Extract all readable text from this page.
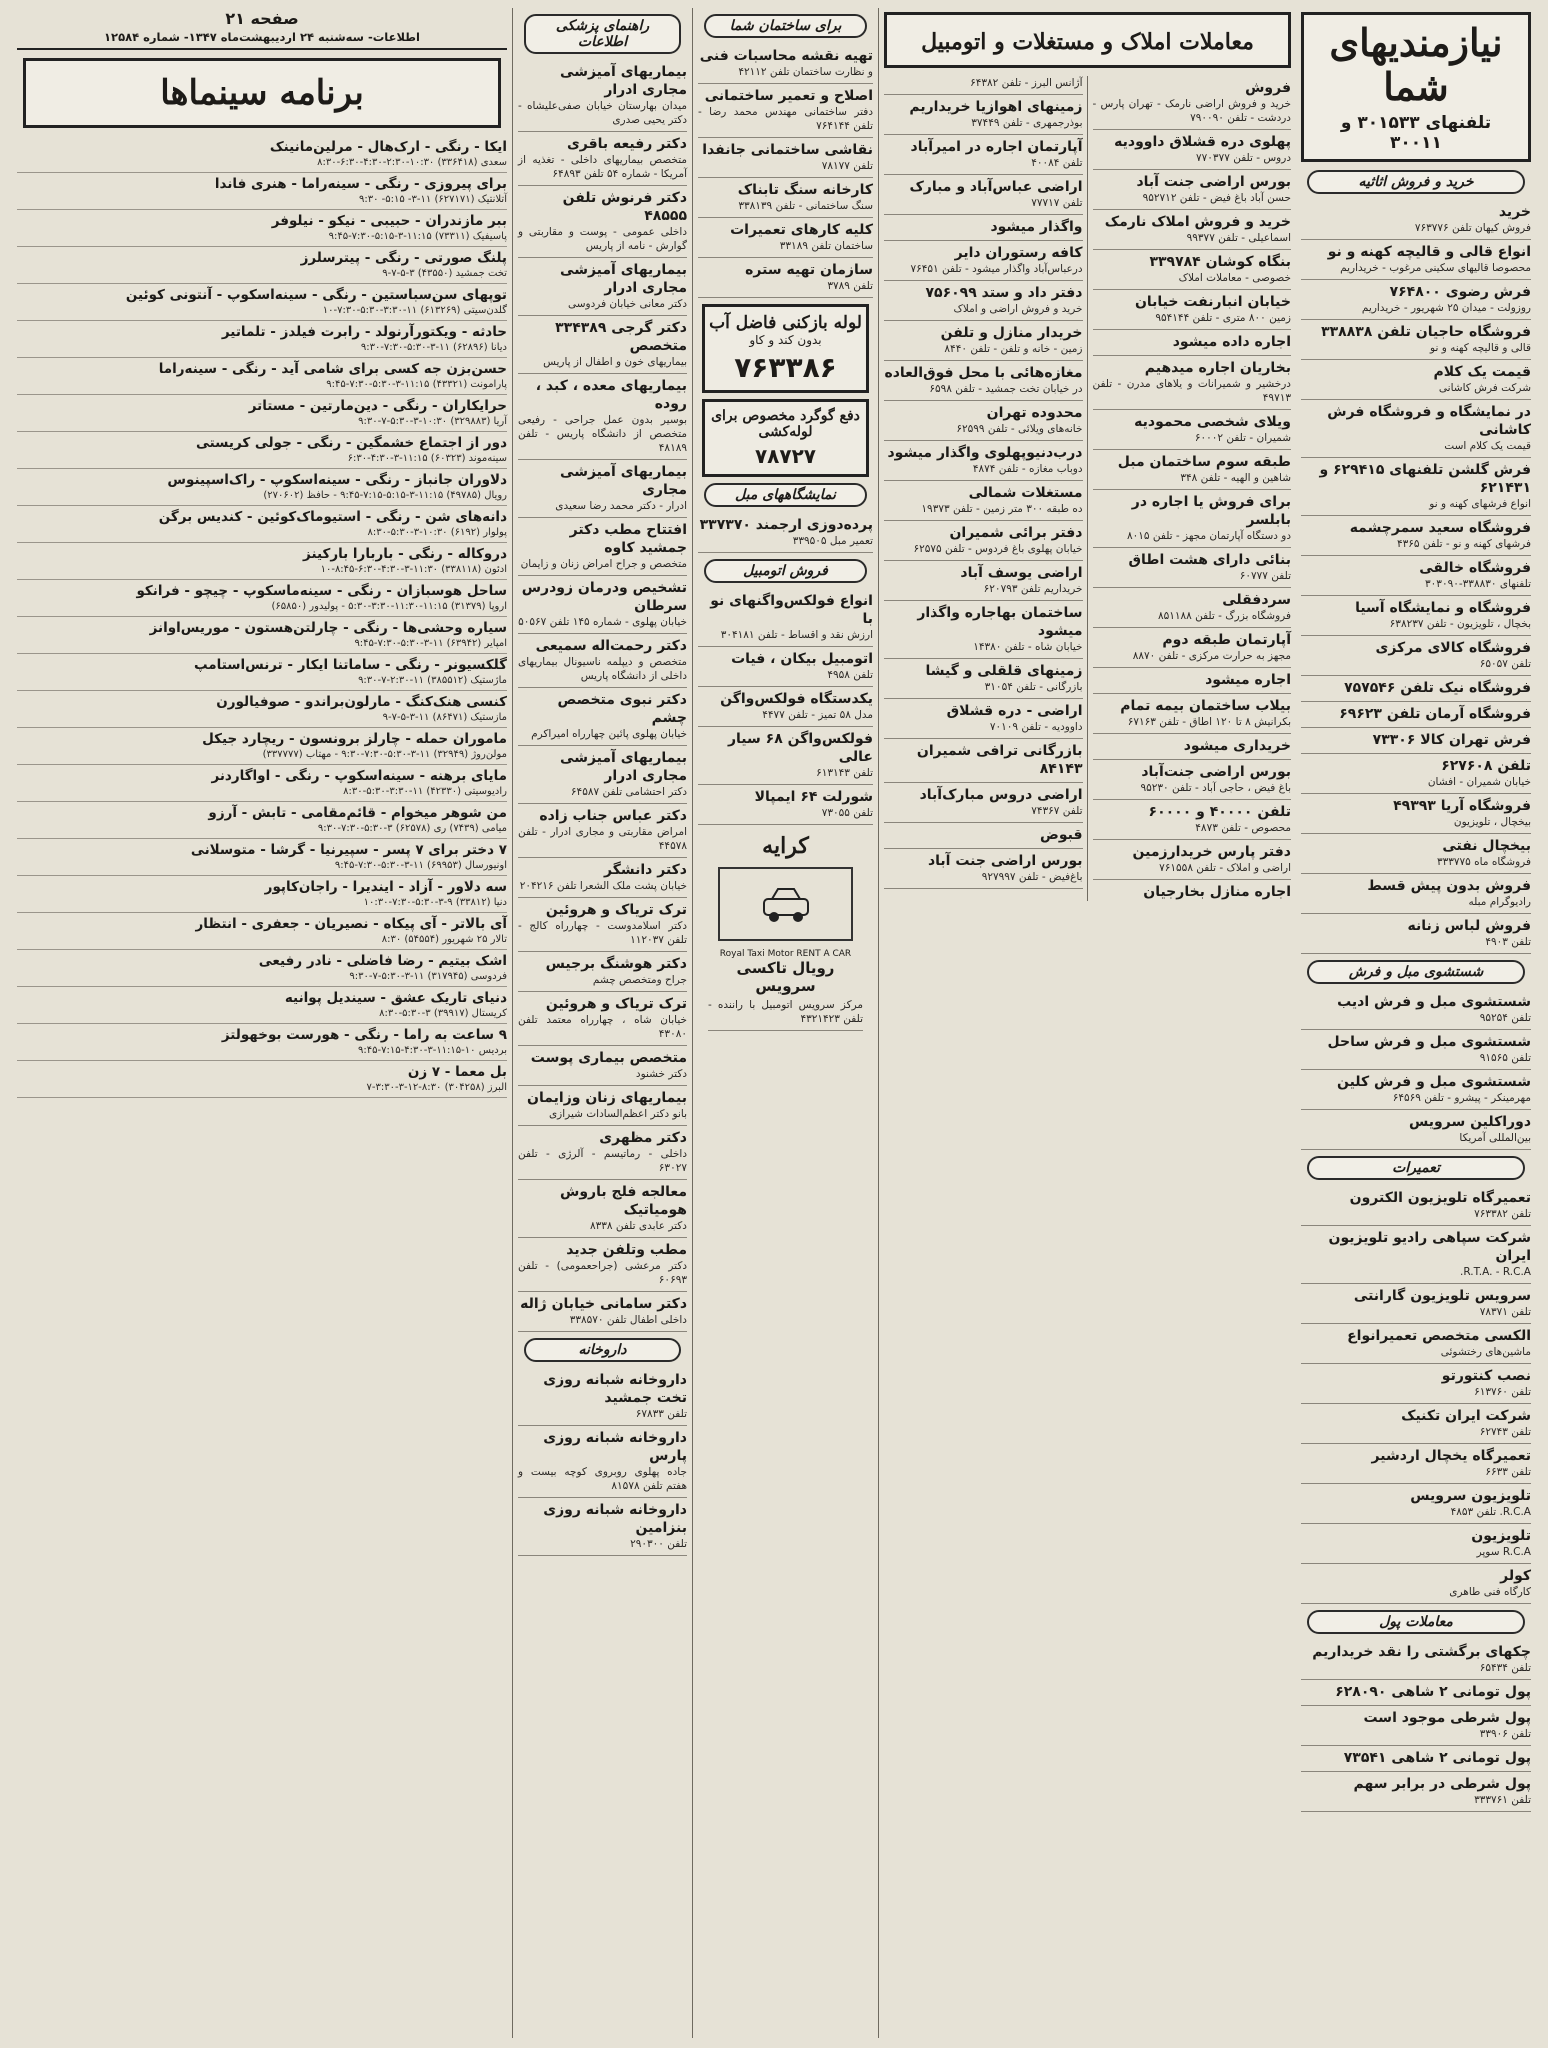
نیازمندیهای شما
تلفنهای ۳۰۱۵۳۳ و ۳۰۰۱۱
خرید و فروش اثاثیه
خرید
فروش کیهان تلفن ۷۶۳۷۷۶
انواع قالی و قالیچه کهنه و نو
محصوصا قالیهای سکینی مرغوب - خریداریم
فرش رضوی ۷۶۴۸۰۰
روزولت - میدان ۲۵ شهریور - خریداریم
فروشگاه حاجیان تلفن ۳۳۸۸۳۸
قالی و قالیچه کهنه و نو
قیمت یک کلام
شرکت فرش کاشانی
در نمایشگاه و فروشگاه فرش کاشانی
قیمت یک کلام است
فرش گلشن تلفنهای ۶۲۹۴۱۵ و ۶۲۱۴۳۱
انواع فرشهای کهنه و نو
فروشگاه سعید سمرچشمه
فرشهای کهنه و نو - تلفن ۴۳۶۵
فروشگاه خالقی
تلفنهای ۳۳۸۸۳۰-۳۰۳۰۹۰
فروشگاه و نمایشگاه آسیا
بخچال ، تلویزیون - تلفن ۶۳۸۲۳۷
فروشگاه کالای مرکزی
تلفن ۶۵۰۵۷
فروشگاه نیک تلفن ۷۵۷۵۴۶
فروشگاه آرمان تلفن ۶۹۶۲۳
فرش تهران کالا ۷۳۳۰۶
تلفن ۶۲۷۶۰۸
خیابان شمیران - افشان
فروشگاه آریا ۴۹۳۹۳
بیخچال ، تلویزیون
بیخچال نفتی
فروشگاه ماه ۳۳۳۷۷۵
فروش بدون پیش قسط
رادیوگرام مبله
فروش لباس زنانه
تلفن ۴۹۰۳
شستشوی مبل و فرش
شستشوی مبل و فرش ادیب
تلفن ۹۵۲۵۴
شستشوی مبل و فرش ساحل
تلفن ۹۱۵۶۵
شستشوی مبل و فرش کلین
مهرمینکر - پیشرو - تلفن ۶۴۵۶۹
دوراکلین سرویس
بین‌المللی آمریکا
تعمیرات
تعمیرگاه تلویزیون الکترون
تلفن ۷۶۳۳۸۲
شرکت سپاهی رادیو تلویزیون ایران
R.T.A. - R.C.A.
سرویس تلویزیون گارانتی
تلفن ۷۸۳۷۱
الکسی متخصص تعمیرانواع
ماشین‌های رختشوئی
نصب کنتورتو
تلفن ۶۱۳۷۶۰
شرکت ایران تکنیک
تلفن ۶۲۷۴۳
تعمیرگاه یخچال اردشیر
تلفن ۶۶۳۳
تلویزیون سرویس
R.C.A. تلفن ۴۸۵۳
تلویزیون
R.C.A سوپر
کولر
کارگاه فنی طاهری
معاملات پول
چکهای برگشتی را نقد خریداریم
تلفن ۶۵۴۳۴
پول تومانی ۲ شاهی ۶۲۸۰۹۰
پول شرطی موجود است
تلفن ۳۳۹۰۶
پول تومانی ۲ شاهی ۷۳۵۴۱
پول شرطی در برابر سهم
تلفن ۳۳۳۷۶۱
معاملات املاک و مستغلات و اتومبیل
فروش
خرید و فروش اراضی نارمک - تهران پارس - دردشت - تلفن ۷۹۰۰۹۰
پهلوی دره قشلاق داوودیه
دروس - تلفن ۷۷۰۳۷۷
بورس اراضی جنت آباد
حسن آباد باغ فیض - تلفن ۹۵۲۷۱۲
خرید و فروش املاک نارمک
اسماعیلی - تلفن ۹۹۳۷۷
بنگاه کوشان ۳۳۹۷۸۴
خصوصی - معاملات املاک
خیابان انبارنفت خیابان
زمین ۸۰۰ متری - تلفن ۹۵۴۱۴۴
اجاره داده میشود
بخاریان اجاره میدهیم
درخشیر و شمیرانات و یلاهای مدرن - تلفن ۴۹۷۱۳
ویلای شخصی محمودیه
شمیران - تلفن ۶۰۰۰۲
طبقه سوم ساختمان مبل
شاهین و الهیه - تلفن ۳۴۸
برای فروش یا اجاره در بابلسر
دو دستگاه آپارتمان مجهز - تلفن ۸۰۱۵
بنائی دارای هشت اطاق
تلفن ۶۰۷۷۷
سردفقلی
فروشگاه بزرگ - تلفن ۸۵۱۱۸۸
آپارتمان طبقه دوم
مجهز به حرارت مرکزی - تلفن ۸۸۷۰
اجاره میشود
بیلاب ساختمان بیمه تمام
بکرانیش ۸ تا ۱۲۰ اطاق - تلفن ۶۷۱۶۳
خریداری میشود
بورس اراضی جنت‌آباد
باغ فیض ، حاجی آباد - تلفن ۹۵۲۳۰
تلفن ۴۰۰۰۰ و ۶۰۰۰۰
محصوص - تلفن ۴۸۷۳
دفتر پارس خریدارزمین
اراضی و املاک - تلفن ۷۶۱۵۵۸
اجاره منازل بخارجیان
آژانس البرز - تلفن ۶۴۳۸۲
زمینهای اهوازیا خریداریم
بوذرجمهری - تلفن ۳۷۴۴۹
آپارتمان اجاره در امیرآباد
تلفن ۴۰۰۸۴
اراضی عباس‌آباد و مبارک
تلفن ۷۷۷۱۷
واگذار میشود
کافه رستوران دایر
درعباس‌آباد واگذار میشود - تلفن ۷۶۴۵۱
دفتر داد و ستد ۷۵۶۰۹۹
خرید و فروش اراضی و املاک
خریدار منازل و تلفن
زمین - خانه و تلفن - تلفن ۸۴۴۰
مغازه‌هائی با محل فوق‌العاده
در خیابان تخت جمشید - تلفن ۶۵۹۸
محدوده تهران
خانه‌های ویلائی - تلفن ۶۲۵۹۹
درب‌دنیوپهلوی واگذار میشود
دوباب مغازه - تلفن ۴۸۷۴
مستغلات شمالی
ده طبقه ۳۰۰ متر زمین - تلفن ۱۹۳۷۳
دفتر برائی شمیران
خیابان پهلوی باغ فردوس - تلفن ۶۲۵۷۵
اراضی یوسف آباد
خریداریم تلفن ۶۲۰۷۹۳
ساختمان بهاجاره واگذار میشود
خیابان شاه - تلفن ۱۴۳۸۰
زمینهای قلقلی و گیشا
بازرگانی - تلفن ۳۱۰۵۴
اراضی - دره قشلاق
داوودیه - تلفن ۷۰۱۰۹
بازرگانی ترافی شمیران ۸۴۱۴۳
اراضی دروس مبارک‌آباد
تلفن ۷۴۳۶۷
قبوض
بورس اراضی جنت آباد
باغ‌فیض - تلفن ۹۲۷۹۹۷
برای ساختمان شما
تهیه نقشه محاسبات فنی
و نظارت ساختمان تلفن ۴۲۱۱۲
اصلاح و تعمیر ساختمانی
دفتر ساختمانی مهندس محمد رضا - تلفن ۷۶۴۱۴۴
نقاشی ساختمانی جانفدا
تلفن ۷۸۱۷۷
کارخانه سنگ تابناک
سنگ ساختمانی - تلفن ۳۳۸۱۳۹
کلیه کارهای تعمیرات
ساختمان تلفن ۳۳۱۸۹
سازمان تهیه ستره
تلفن ۳۷۸۹
لوله بازکنی فاضل آب
بدون کند و کاو
۷۶۳۳۸۶
دفع گوگرد مخصوص برای لوله‌کشی
۷۸۷۲۷
نمایشگاههای مبل
پرده‌دوزی ارجمند ۳۳۷۳۷۰
تعمیر مبل ۳۳۹۵۰۵
فروش اتومبیل
انواع فولکس‌واگنهای نو با
ارزش نقد و اقساط - تلفن ۳۰۴۱۸۱
اتومبیل بیکان ، فیات
تلفن ۴۹۵۸
یکدستگاه فولکس‌واگن
مدل ۵۸ تمیز - تلفن ۴۴۷۷
فولکس‌واگن ۶۸ سیار عالی
تلفن ۶۱۳۱۴۳
شورلت ۶۴ ایمپالا
تلفن ۷۳۰۵۵
کرایه
Royal Taxi Motor RENT A CAR
رویال تاکسی سرویس
مرکز سرویس اتومبیل با راننده - تلفن ۴۳۲۱۴۲۳
راهنمای پزشکی اطلاعات
بیماریهای آمیزشی مجاری ادرار
میدان بهارستان خیابان صفی‌علیشاه - دکتر یحیی صدری
دکتر رفیعه باقری
متخصص بیماریهای داخلی - تغذیه از آمریکا - شماره ۵۴ تلفن ۶۴۸۹۳
دکتر فرنوش تلفن ۴۸۵۵۵
داخلی عمومی - پوست و مقاربتی و گوارش - نامه از پاریس
بیماریهای آمیزشی مجاری ادرار
دکتر معانی خیابان فردوسی
دکتر گرجی ۳۳۴۳۸۹ متخصص
بیماریهای خون و اطفال از پاریس
بیماریهای معده ، کبد ، روده
بوسیر بدون عمل جراحی - رفیعی متخصص از دانشگاه پاریس - تلفن ۴۸۱۸۹
بیماریهای آمیزشی مجاری
ادرار - دکتر محمد رضا سعیدی
افتتاح مطب دکتر جمشید کاوه
متخصص و جراح امراض زنان و زایمان
تشخیص ودرمان زودرس سرطان
خیابان پهلوی - شماره ۱۴۵ تلفن ۵۰۵۶۷
دکتر رحمت‌اله سمیعی
متخصص و دیپلمه ناسیونال بیماریهای داخلی از دانشگاه پاریس
دکتر نبوی متخصص چشم
خیابان پهلوی پائین چهارراه امیراکرم
بیماریهای آمیزشی مجاری ادرار
دکتر احتشامی تلفن ۶۴۵۸۷
دکتر عباس جناب زاده
امراض مقاربتی و مجاری ادرار - تلفن ۴۴۵۷۸
دکتر دانشگر
خیابان پشت ملک الشعرا تلفن ۲۰۴۲۱۶
ترک تریاک و هروئین
دکتر اسلامدوست - چهارراه کالج - تلفن ۱۱۲۰۳۷
دکتر هوشنگ برجیس
جراح ومتخصص چشم
ترک تریاک و هروئین
خیابان شاه ، چهارراه معتمد تلفن ۴۳۰۸۰
متخصص بیماری پوست
دکتر خشنود
بیماریهای زنان وزایمان
بانو دکتر اعظم‌السادات شیرازی
دکتر مظهری
داخلی - رماتیسم - آلرژی - تلفن ۶۳۰۲۷
معالجه فلج باروش هومیاتیک
دکتر عابدی تلفن ۸۳۳۸
مطب وتلفن جدید
دکتر مرعشی (جراحعمومی) - تلفن ۶۰۶۹۳
دکتر سامانی خیابان ژاله
داخلی اطفال تلفن ۳۳۸۵۷۰
داروخانه
داروخانه شبانه روزی تخت جمشید
تلفن ۶۷۸۳۳
داروخانه شبانه روزی پارس
جاده پهلوی روبروی کوچه بیست و هفتم تلفن ۸۱۵۷۸
داروخانه شبانه روزی بنزامین
تلفن ۲۹۰۳۰۰
صفحه ۲۱
اطلاعات- سه‌شنبه ۲۴ اردیبهشت‌ماه ۱۳۴۷- شماره ۱۲۵۸۴
برنامه سینماها
ایکا - رنگی - ارک‌هال - مرلین‌مانینک
سعدی (۳۳۶۴۱۸) ۱۰:۳۰-۲:۳۰-۴:۳۰-۶:۳۰-۸:۳۰
برای پیروزی - رنگی - سینه‌راما - هنری فاندا
آتلانتیک (۶۲۷۱۷۱) ۱۱-۳- ۵:۱۵- ۹:۳۰
ببر مازندران - حبیبی - نیکو - نیلوفر
پاسیفیک (۷۳۳۱۱) ۱۱:۱۵-۳-۵:۱۵-۷:۳۰-۹:۴۵
پلنگ صورتی - رنگی - پیترسلرز
تخت جمشید (۴۳۵۵۰) ۳-۵-۷-۹
توپهای سن‌سباستین - رنگی - سینه‌اسکوپ - آنتونی کوئین
گلدن‌سیتی (۶۱۳۲۶۹) ۱۱-۳:۳۰-۵:۳۰-۷:۳۰-۱۰
حادثه - ویکتورآرنولد - رابرت فیلدز - تلماتیر
دیانا (۶۲۸۹۶) ۱۱-۳-۵:۳۰-۷:۳۰-۹:۳۰
حسن‌بزن جه کسی برای شامی آید - رنگی - سینه‌راما
پارامونت (۴۳۳۲۱) ۱۱:۱۵-۳-۵:۳۰-۷:۳۰-۹:۴۵
حرایکاران - رنگی - دین‌مارتین - مستاتر
آریا (۳۲۹۸۸۳) ۱۰:۳۰-۳-۵:۳۰-۷-۹:۳۰
دور از اجتماع خشمگین - رنگی - جولی کریستی
سینه‌موند (۶۰۳۲۳) ۱۱:۱۵-۳-۴:۳۰-۶:۳۰
دلاوران جانباز - رنگی - سینه‌اسکوپ - راک‌اسپینوس
رویال (۴۹۷۸۵) ۱۱:۱۵-۳-۵:۱۵-۷:۱۵-۹:۴۵ - حافظ (۲۷۰۶۰۲)
دانه‌های شن - رنگی - استیوماک‌کوئین - کندیس برگن
پولوار (۶۱۹۲) ۱۰:۳۰-۳-۵:۳۰-۸:۳۰
دروکاله - رنگی - باربارا بارکینز
ادئون (۳۳۸۱۱۸) ۱۱:۳۰-۳-۴:۳۰-۶:۳۰-۸:۴۵-۱۰
ساحل هوسبازان - رنگی - سینه‌ماسکوپ - چیچو - فرانکو
اروپا (۳۱۳۷۹) ۱۱:۱۵-۱۱:۳۰-۳:۳۰-۵:۳۰ - پولیدور (۶۵۸۵۰)
سیاره وحشی‌ها - رنگی - چارلتن‌هستون - موریس‌اوانز
امپایر (۶۳۹۴۲) ۱۱-۳-۵:۳۰-۷:۳۰-۹:۴۵
گلکسیونر - رنگی - ساماتنا ایکار - ترنس‌استامپ
ماژستیک (۳۸۵۵۱۲) ۱۱-۲:۳۰-۷-۹:۳۰
کنسی هنک‌کنگ - مارلون‌براندو - صوفیالورن
مازستیک (۸۶۴۷۱) ۱۱-۳-۵-۷-۹
ماموران حمله - چارلز برونسون - ریچارد جیکل
مولن‌روژ (۳۲۹۴۹) ۱۱-۳-۵:۳۰-۷:۳۰-۹:۳۰ - مهتاب (۳۳۷۷۷۷)
مایای برهنه - سینه‌اسکوپ - رنگی - اواگاردنر
رادیوسیتی (۴۲۳۳۰) ۱۱-۳:۳۰-۵:۳۰-۸:۳۰
من شوهر میخوام - قائم‌مقامی - تابش - آرزو
میامی (۷۴۳۹) ری (۶۲۵۷۸) ۳-۵:۳۰-۷:۳۰-۹:۳۰
۷ دختر برای ۷ پسر - سپیرنیا - گرشا - متوسلانی
اونیورسال (۶۹۹۵۳) ۱۱-۳-۵:۳۰-۷:۳۰-۹:۴۵
سه دلاور - آزاد - ایندیرا - راجان‌کاپور
دنیا (۳۳۸۱۲) ۹-۳-۵:۳۰-۷:۳۰-۱۰:۳۰
آی بالاتر - آی پیکاه - نصیریان - جعفری - انتظار
تالار ۲۵ شهریور (۵۴۵۵۴) ۸:۳۰
اشک بیتیم - رضا فاضلی - نادر رفیعی
فردوسی (۳۱۷۹۴۵) ۱۱-۳-۵:۳۰-۷-۹:۳۰
دنیای تاریک عشق - سیندیل پوانیه
کریستال (۳۹۹۱۷) ۳-۵:۳۰-۸:۳۰
۹ ساعت به راما - رنگی - هورست بوخهولتز
بردیس ۱۰-۱۱:۱۵-۳-۴:۳۰-۷:۱۵-۹:۴۵
بل معما - ۷ زن
البرز (۳۰۴۲۵۸) ۸:۳۰-۱۲-۳-۳:۳۰-۷
